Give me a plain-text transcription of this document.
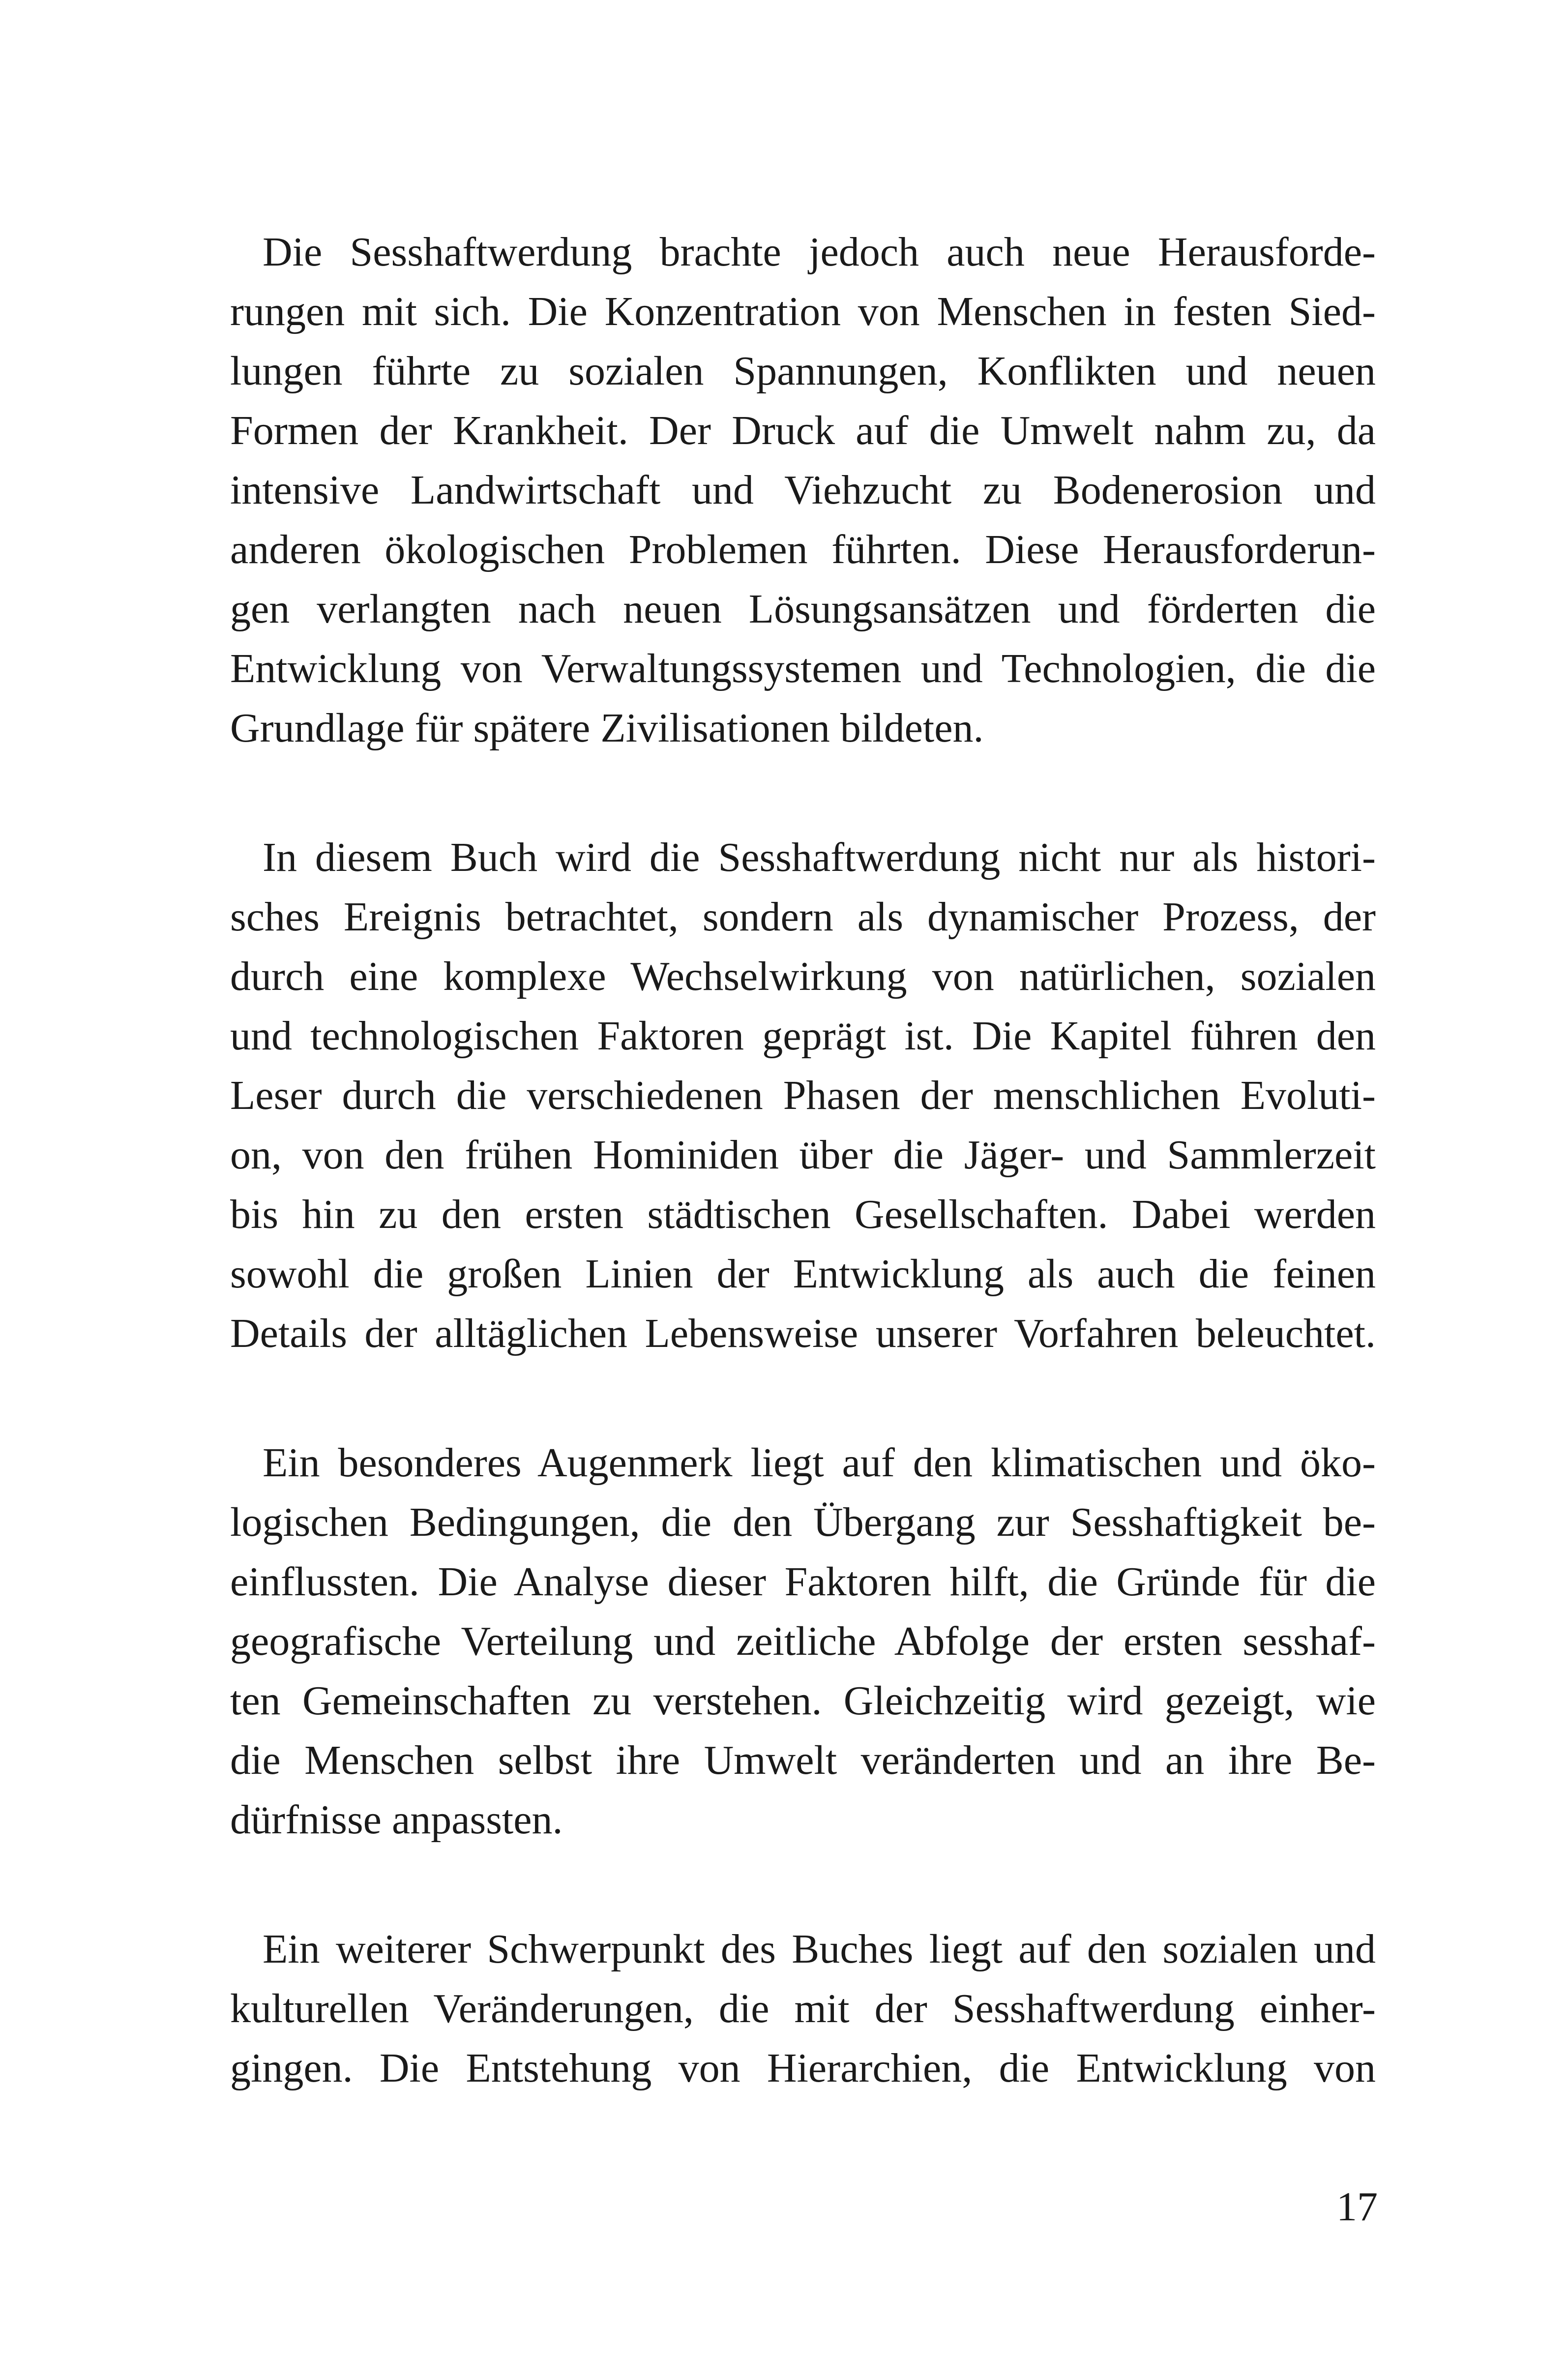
Die Sesshaftwerdung brachte jedoch auch neue Herausforde-
rungen mit sich. Die Konzentration von Menschen in festen Sied-
lungen führte zu sozialen Spannungen, Konflikten und neuen
Formen der Krankheit. Der Druck auf die Umwelt nahm zu, da
intensive Landwirtschaft und Viehzucht zu Bodenerosion und
anderen ökologischen Problemen führten. Diese Herausforderun-
gen verlangten nach neuen Lösungsansätzen und förderten die
Entwicklung von Verwaltungssystemen und Technologien, die die
Grundlage für spätere Zivilisationen bildeten.
In diesem Buch wird die Sesshaftwerdung nicht nur als histori-
sches Ereignis betrachtet, sondern als dynamischer Prozess, der
durch eine komplexe Wechselwirkung von natürlichen, sozialen
und technologischen Faktoren geprägt ist. Die Kapitel führen den
Leser durch die verschiedenen Phasen der menschlichen Evoluti-
on, von den frühen Hominiden über die Jäger- und Sammlerzeit
bis hin zu den ersten städtischen Gesellschaften. Dabei werden
sowohl die großen Linien der Entwicklung als auch die feinen
Details der alltäglichen Lebensweise unserer Vorfahren beleuchtet.
Ein besonderes Augenmerk liegt auf den klimatischen und öko-
logischen Bedingungen, die den Übergang zur Sesshaftigkeit be-
einflussten. Die Analyse dieser Faktoren hilft, die Gründe für die
geografische Verteilung und zeitliche Abfolge der ersten sesshaf-
ten Gemeinschaften zu verstehen. Gleichzeitig wird gezeigt, wie
die Menschen selbst ihre Umwelt veränderten und an ihre Be-
dürfnisse anpassten.
Ein weiterer Schwerpunkt des Buches liegt auf den sozialen und
kulturellen Veränderungen, die mit der Sesshaftwerdung einher-
gingen. Die Entstehung von Hierarchien, die Entwicklung von
17
